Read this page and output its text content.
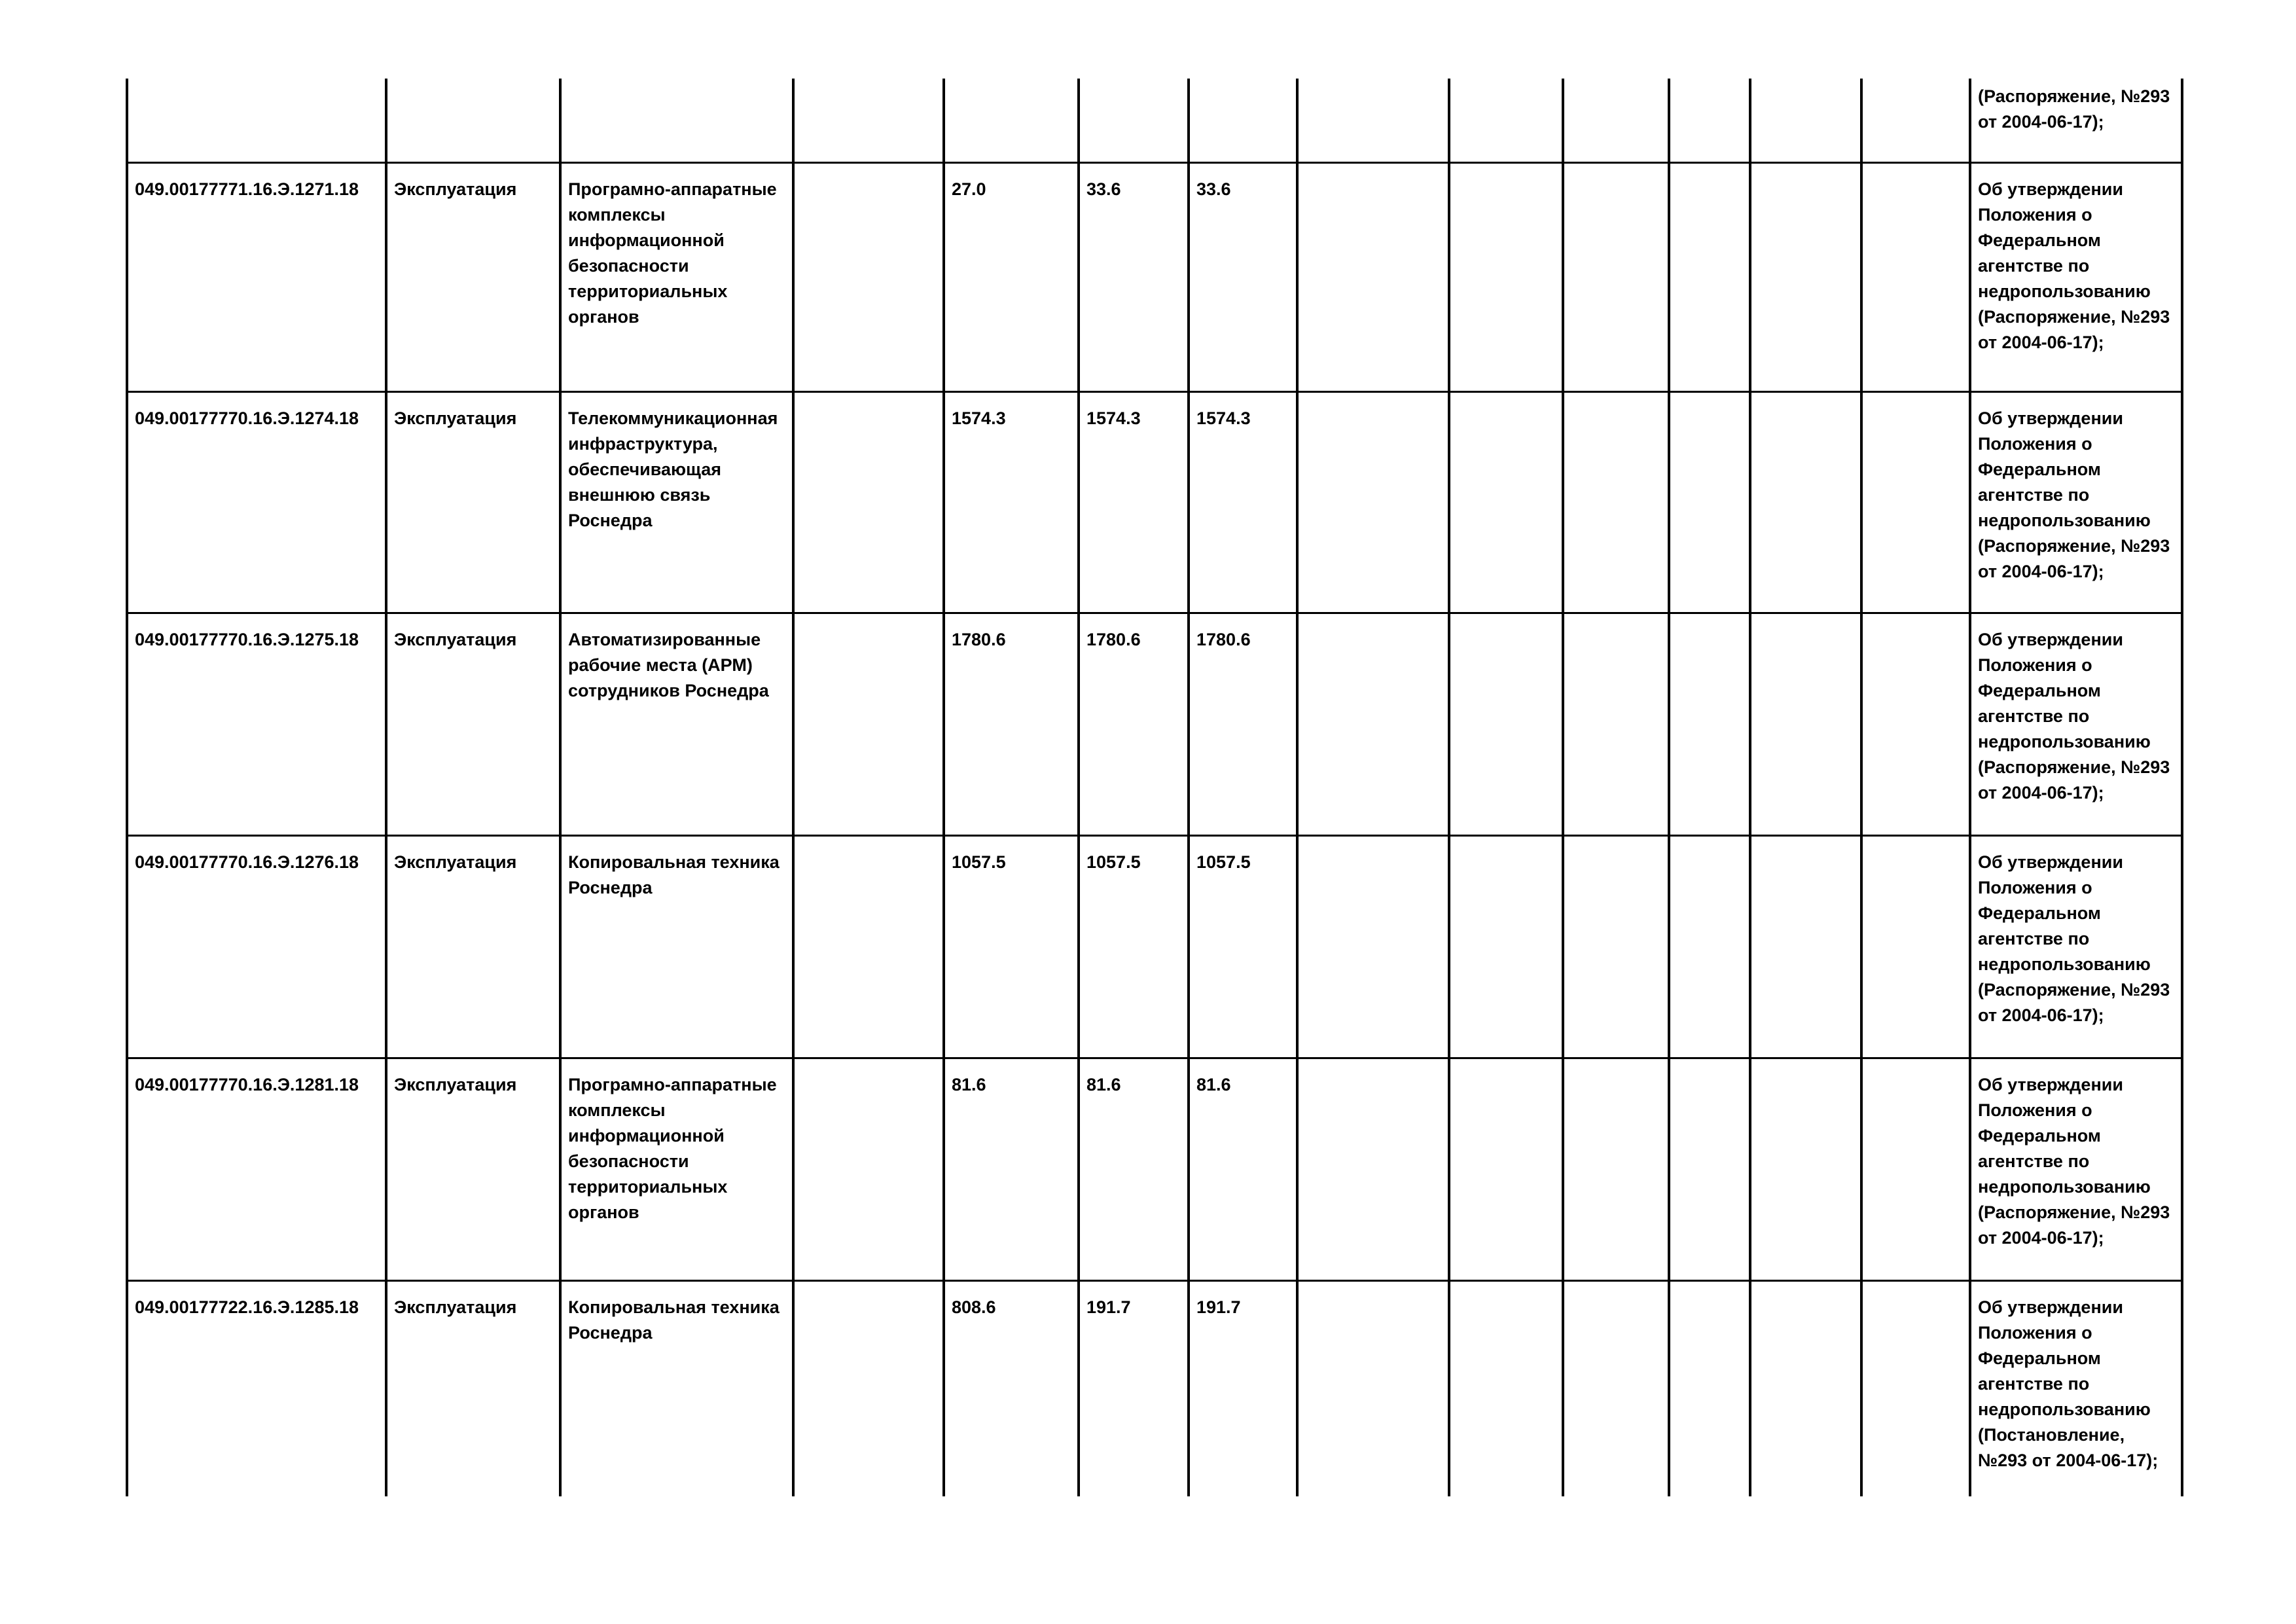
													(Распоряжение, №293 от 2004-06-17);
049.00177771.16.Э.1271.18	Эксплуатация	Програмно-аппаратные комплексы информационной безопасности территориальных органов		27.0	33.6	33.6							Об утверждении Положения о Федеральном агентстве по недропользованию (Распоряжение, №293 от 2004-06-17);
049.00177770.16.Э.1274.18	Эксплуатация	Телекоммуникационная инфраструктура, обеспечивающая внешнюю связь Роснедра		1574.3	1574.3	1574.3							Об утверждении Положения о Федеральном агентстве по недропользованию (Распоряжение, №293 от 2004-06-17);
049.00177770.16.Э.1275.18	Эксплуатация	Автоматизированные рабочие места (АРМ) сотрудников Роснедра		1780.6	1780.6	1780.6							Об утверждении Положения о Федеральном агентстве по недропользованию (Распоряжение, №293 от 2004-06-17);
049.00177770.16.Э.1276.18	Эксплуатация	Копировальная техника Роснедра		1057.5	1057.5	1057.5							Об утверждении Положения о Федеральном агентстве по недропользованию (Распоряжение, №293 от 2004-06-17);
049.00177770.16.Э.1281.18	Эксплуатация	Програмно-аппаратные комплексы информационной безопасности территориальных органов		81.6	81.6	81.6							Об утверждении Положения о Федеральном агентстве по недропользованию (Распоряжение, №293 от 2004-06-17);
049.00177722.16.Э.1285.18	Эксплуатация	Копировальная техника Роснедра		808.6	191.7	191.7							Об утверждении Положения о Федеральном агентстве по недропользованию (Постановление, №293 от 2004-06-17);
